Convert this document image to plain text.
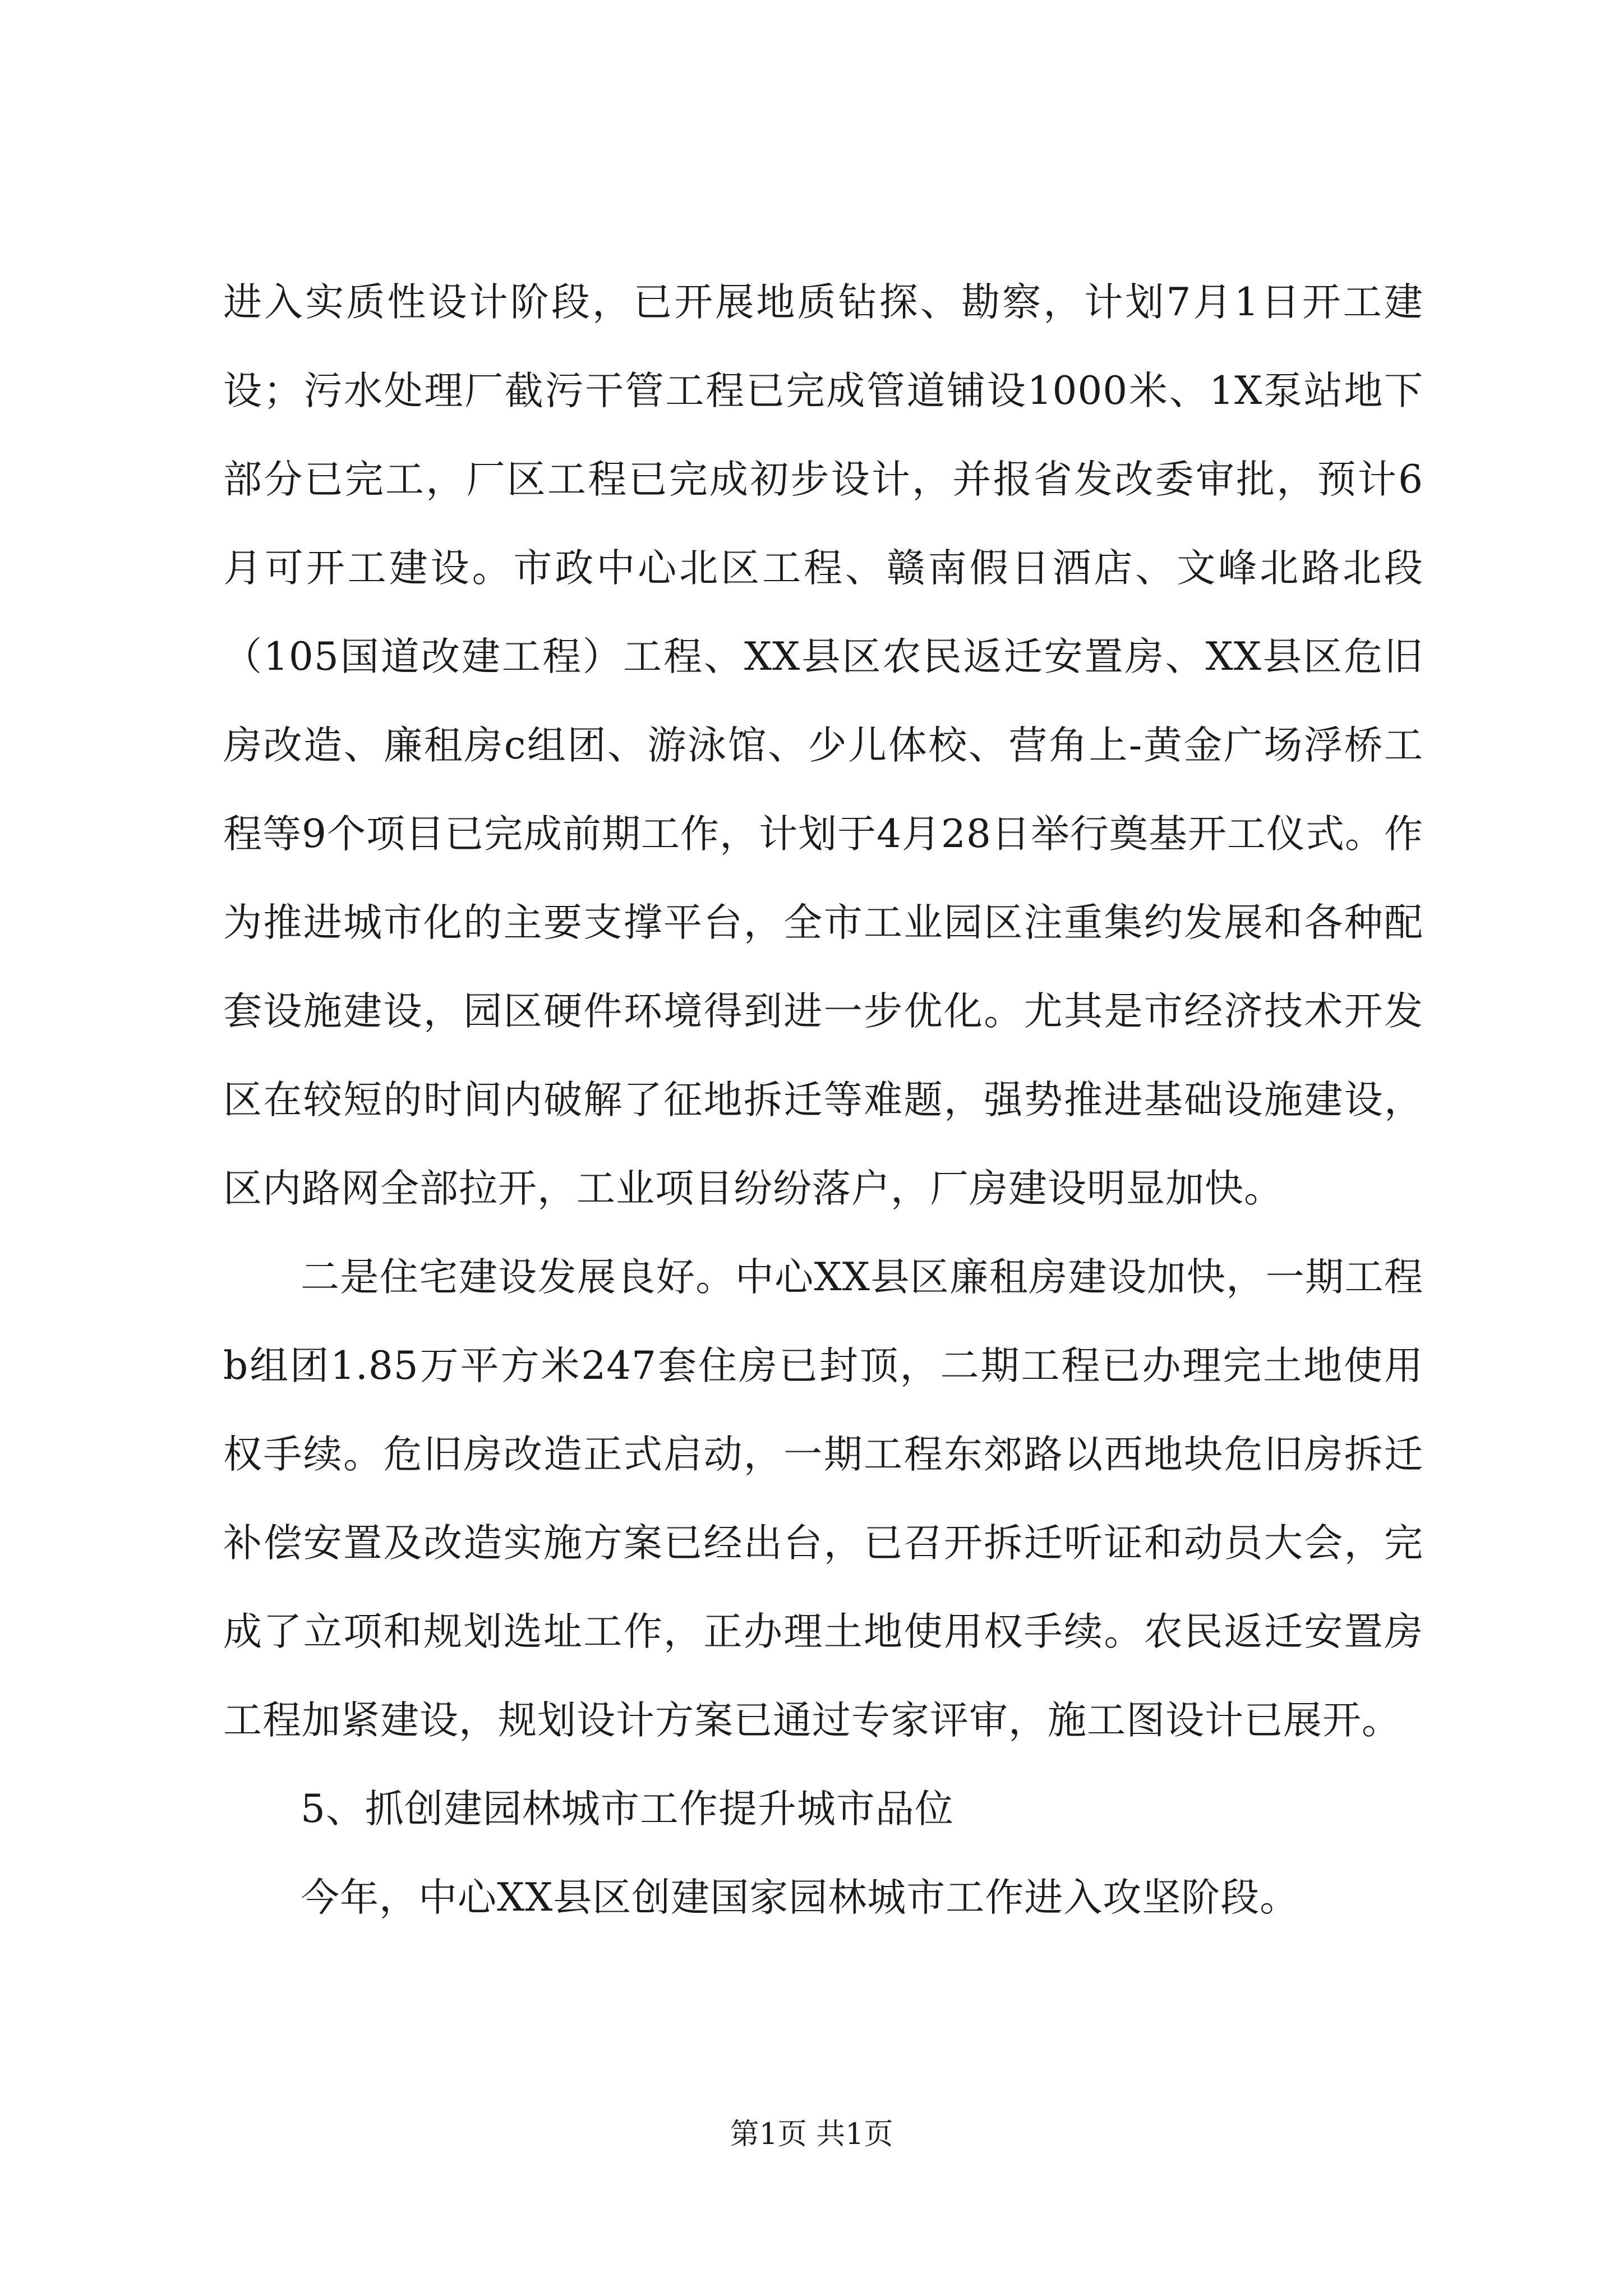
进入实质性设计阶段，已开展地质钻探、勘察，计划7月1日开工建设；污水处理厂截污干管工程已完成管道铺设1000米、1X泵站地下部分已完工，厂区工程已完成初步设计，并报省发改委审批，预计6月可开工建设。市政中心北区工程、赣南假日酒店、文峰北路北段（105国道改建工程）工程、XX县区农民返迁安置房、XX县区危旧房改造、廉租房c组团、游泳馆、少儿体校、营角上-黄金广场浮桥工程等9个项目已完成前期工作，计划于4月28日举行奠基开工仪式。作为推进城市化的主要支撑平台，全市工业园区注重集约发展和各种配套设施建设，园区硬件环境得到进一步优化。尤其是市经济技术开发区在较短的时间内破解了征地拆迁等难题，强势推进基础设施建设，区内路网全部拉开，工业项目纷纷落户，厂房建设明显加快。

二是住宅建设发展良好。中心XX县区廉租房建设加快，一期工程b组团1.85万平方米247套住房已封顶，二期工程已办理完土地使用权手续。危旧房改造正式启动，一期工程东郊路以西地块危旧房拆迁补偿安置及改造实施方案已经出台，已召开拆迁听证和动员大会，完成了立项和规划选址工作，正办理土地使用权手续。农民返迁安置房工程加紧建设，规划设计方案已通过专家评审，施工图设计已展开。

5、抓创建园林城市工作提升城市品位

今年，中心XX县区创建国家园林城市工作进入攻坚阶段。

第1页 共1页
